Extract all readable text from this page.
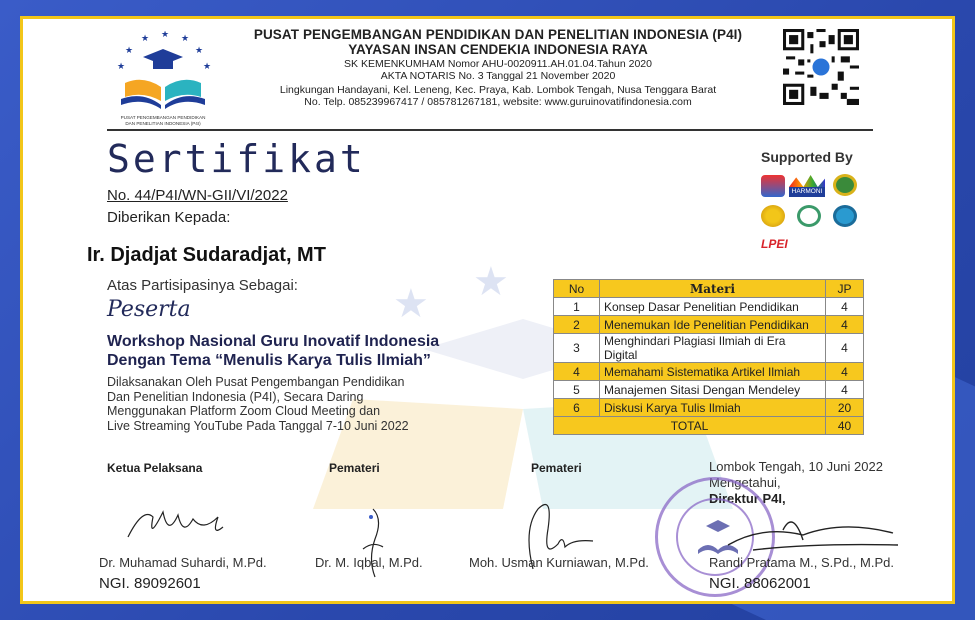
★ ★
★
★ ★ ★
★
★	★
PUSAT PENGEMBANGAN PENDIDIKAN
DAN PENELITIAN INDONESIA (P4I)
PUSAT PENGEMBANGAN PENDIDIKAN DAN PENELITIAN INDONESIA (P4I)
YAYASAN INSAN CENDEKIA INDONESIA RAYA
SK KEMENKUMHAM Nomor AHU-0020911.AH.01.04.Tahun 2020
AKTA NOTARIS No. 3 Tanggal 21 November 2020
Lingkungan Handayani, Kel. Leneng, Kec. Praya, Kab. Lombok Tengah, Nusa Tenggara Barat
No. Telp. 085239967417 / 085781267181, website: www.guruinovatifindonesia.com
Sertifikat
No. 44/P4I/WN-GII/VI/2022
Diberikan Kepada:
Ir. Djadjat Sudaradjat, MT
Atas Partisipasinya Sebagai:
Peserta
Workshop Nasional Guru Inovatif Indonesia
Dengan Tema “Menulis Karya Tulis Ilmiah”
Dilaksanakan Oleh Pusat Pengembangan Pendidikan
Dan Penelitian Indonesia (P4I), Secara Daring
Menggunakan Platform Zoom Cloud Meeting dan
Live Streaming YouTube Pada Tanggal 7-10 Juni 2022
Supported By
HARMONI
LPEI
No	Materi	JP
1	Konsep Dasar Penelitian Pendidikan	4
2	Menemukan Ide Penelitian Pendidikan	4
3	Menghindari Plagiasi Ilmiah di Era Digital	4
4	Memahami Sistematika Artikel Ilmiah	4
5	Manajemen Sitasi Dengan Mendeley	4
6	Diskusi Karya Tulis Ilmiah	20
TOTAL		40
Ketua Pelaksana
Dr. Muhamad Suhardi, M.Pd.
NGI. 89092601
Pemateri
Dr. M. Iqbal, M.Pd.
Pemateri
Moh. Usman Kurniawan, M.Pd.
Lombok Tengah, 10 Juni 2022
Mengetahui,
Direktur P4I,
Randi Pratama M., S.Pd., M.Pd.
NGI. 88062001
